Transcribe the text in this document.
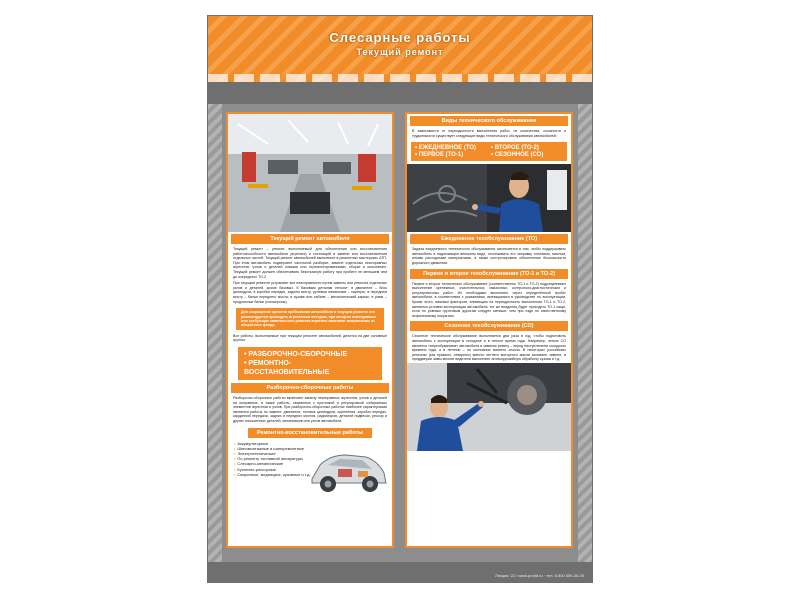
Слесарные работы
Текущий ремонт
Текущий ремонт автомобиля

Текущий ремонт – ремонт, выполняемый для обеспечения или восстановления работоспособности автомобиля (агрегата) и состоящий в замене или восстановлении отдельных частей. Текущий ремонт автомобилей выполняют в ремонтных мастерских АТП. При этом автомобиль подвергают частичной разборке, замене отдельных неисправных агрегатов, узлов и деталей новыми или отремонтированными, сборке и испытанию. Текущий ремонт должен обеспечивать безотказную работу при пробеге не меньшем чем до очередного ТО-2.

При текущем ремонте устраняют все неисправности путем замены или ремонта отдельных узлов и деталей, кроме базовых. К базовым деталям относят: в двигателе – блок цилиндров; в коробке передач, заднем мосту, рулевом механизме – картеры; в переднем мосту – балка переднего моста; в кузове или кабине – металлический каркас; в раме – продольные балки (лонжероны).

Для сокращения времени пребывания автомобиля в текущем ремонте его рекомендуется проводить агрегатным методом, при котором неисправные или требующие капитального ремонта агрегаты заменяют исправными из оборотного фонда.

Все работы, выполняемые при текущем ремонте автомобилей, делятся на две основные группы:

• РАЗБОРОЧНО-СБОРОЧНЫЕ
• РЕМОНТНО-ВОССТАНОВИТЕЛЬНЫЕ
Разборочно-сборочные работы

Разборочно-сборочные работы включают замену неисправных агрегатов, узлов и деталей на исправные, а также работы, связанные с притонкой и регулировкой собираемых элементов агрегатов и узлов. При разборочно-сборочных работах наиболее характерными являются работы по замене: двигателя, головок цилиндров, сцепления, коробок передач, карданной передачи, задних и передних мостов, радиаторов, деталей подвески, рессор и других изношенных деталей, механизмов или узлов автомобиля.

Ремонтно-восстановительные работы
• Аккумуляторные
• Шиномонтажные и шиноремонтные
• Электротехнические
• По ремонту топливной аппаратуры
• Слесарно-механические
• Кузнечно-рессорные
• Сварочные, медницкие, кузовные и т.д.
Виды технического обслуживания

В зависимости от периодичности выполнения работ, их количества, сложности и трудоемкости существует следующие виды технического обслуживания автомобилей:

• ЕЖЕДНЕВНОЕ (ТО)	• ВТОРОЕ (ТО-2)
• ПЕРВОЕ (ТО-1)	• СЕЗОННОЕ (СО)
Ежедневное техобслуживание (ТО)

Задача ежедневного технического обслуживания заключается в том, чтобы поддерживать автомобиль в надлежащем внешнем виде, отслеживать его заправку топливом, маслом, иными расходными материалами, а также контролировать обеспечение безопасности дорожного движения.

Первое и второе техобслуживание (ТО-1 и ТО-2)

Первое и второе техническое обслуживание (соответственно ТО-1 и ТО-2) подразумевают выполнение крепежных, очистительных, смазочных, контрольно-диагностических и регулировочных работ. Их необходимо выполнять через определённый пробег автомобиля, в соответствии с указаниями, имеющимися в руководстве по эксплуатации. Кроме этого, важным фактором, влияющим на периодичность выполнения ТО-1 и ТО-2, являются условия эксплуатации автомобиля: тот же владелец будет проходить ТО-1 чаще, если по ровным грунтовым дорогам следует меньше, чем при езде по качественному асфальтовому покрытию.

Сезонное техобслуживание (СО)

Сезонное техническое обслуживание выполняется два раза в год, чтобы подготовить автомобиль к эксплуатации в холодное и в теплое время года. Например, четкое СО является «переобуванием» автомобиля в зимнюю резину – перед наступлением холодного времени года, и в летнюю – по окончании зимнего сезона. В некоторых российских регионах (как правило, северных) вместо летнего моторного масла заливают зимнее, в преддверии зимы многие водители выполняют антикоррозийную обработку кузова и т.д.

Лекция: 22 / www.profid.ru · тел. 8 800 555-35-35
